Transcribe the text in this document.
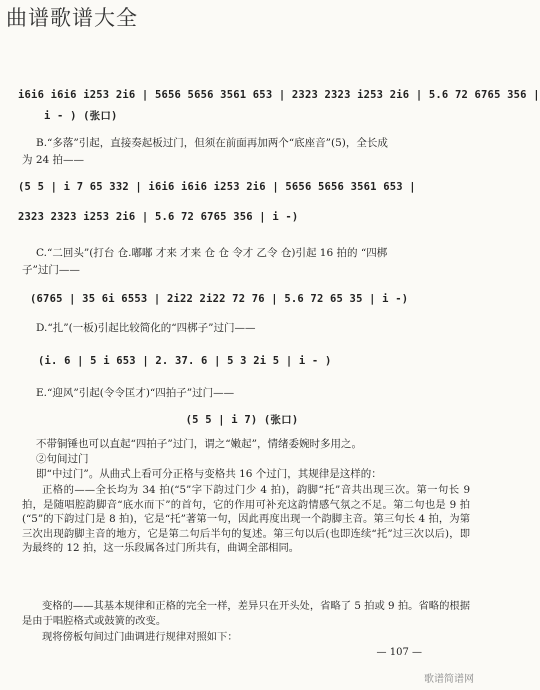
曲谱歌谱大全
i6i6 i6i6 i253 2i6 | 5656 5656 3561 653 | 2323 2323 i253 2i6 | 5.6 72 6765 356 |
i - ) (张口)
B.“多落”引起，直接奏起板过门，但须在前面再加两个“底座音”(5)，全长成
为 24 拍——
(5 5 | i 7 65 332 | i6i6 i6i6 i253 2i6 | 5656 5656 3561 653 |
2323 2323 i253 2i6 | 5.6 72 6765 356 | i -)
C.“二回头”(打台 仓.嘟嘟 才来 才来 仓 仓 令才 乙令 仓)引起 16 拍的 “四梆
子”过门——
(6765 | 35 6i 6553 | 2i22 2i22 72 76 | 5.6 72 65 35 | i -)
D.“扎”(一板)引起比较简化的“四梆子”过门——
(i. 6 | 5 i 653 | 2. 37. 6 | 5 3 2i 5 | i - )
E.“迎风”引起(令令匡才)“四拍子”过门——
(5 5 | i 7) (张口)
不带铜锤也可以直起“四拍子”过门，谓之“嫩起”，情绪委婉时多用之。
②句间过门
即“中过门”。从曲式上看可分正格与变格共 16 个过门，其规律是这样的：
正格的——全长均为 34 拍(“5”字下韵过门少 4 拍)，韵脚“托”音共出现三次。第一句长 9 拍，是随唱腔韵脚音“底水而下”的首句，它的作用可补充这韵情感气氛之不足。第二句也是 9 拍(“5”的下韵过门是 8 拍)，它是“托”著第一句，因此再度出现一个韵脚主音。第三句长 4 拍，为第三次出现韵脚主音的地方，它是第二句后半句的复述。第三句以后(也即连续“托”过三次以后)，即为最终的 12 拍，这一乐段属各过门所共有，曲调全部相同。
变格的——其基本规律和正格的完全一样，差异只在开头处，省略了 5 拍或 9 拍。省略的根据是由于唱腔格式或鼓簧的改变。
现将傍板句间过门曲调进行规律对照如下：
— 107 —
歌谱简谱网
